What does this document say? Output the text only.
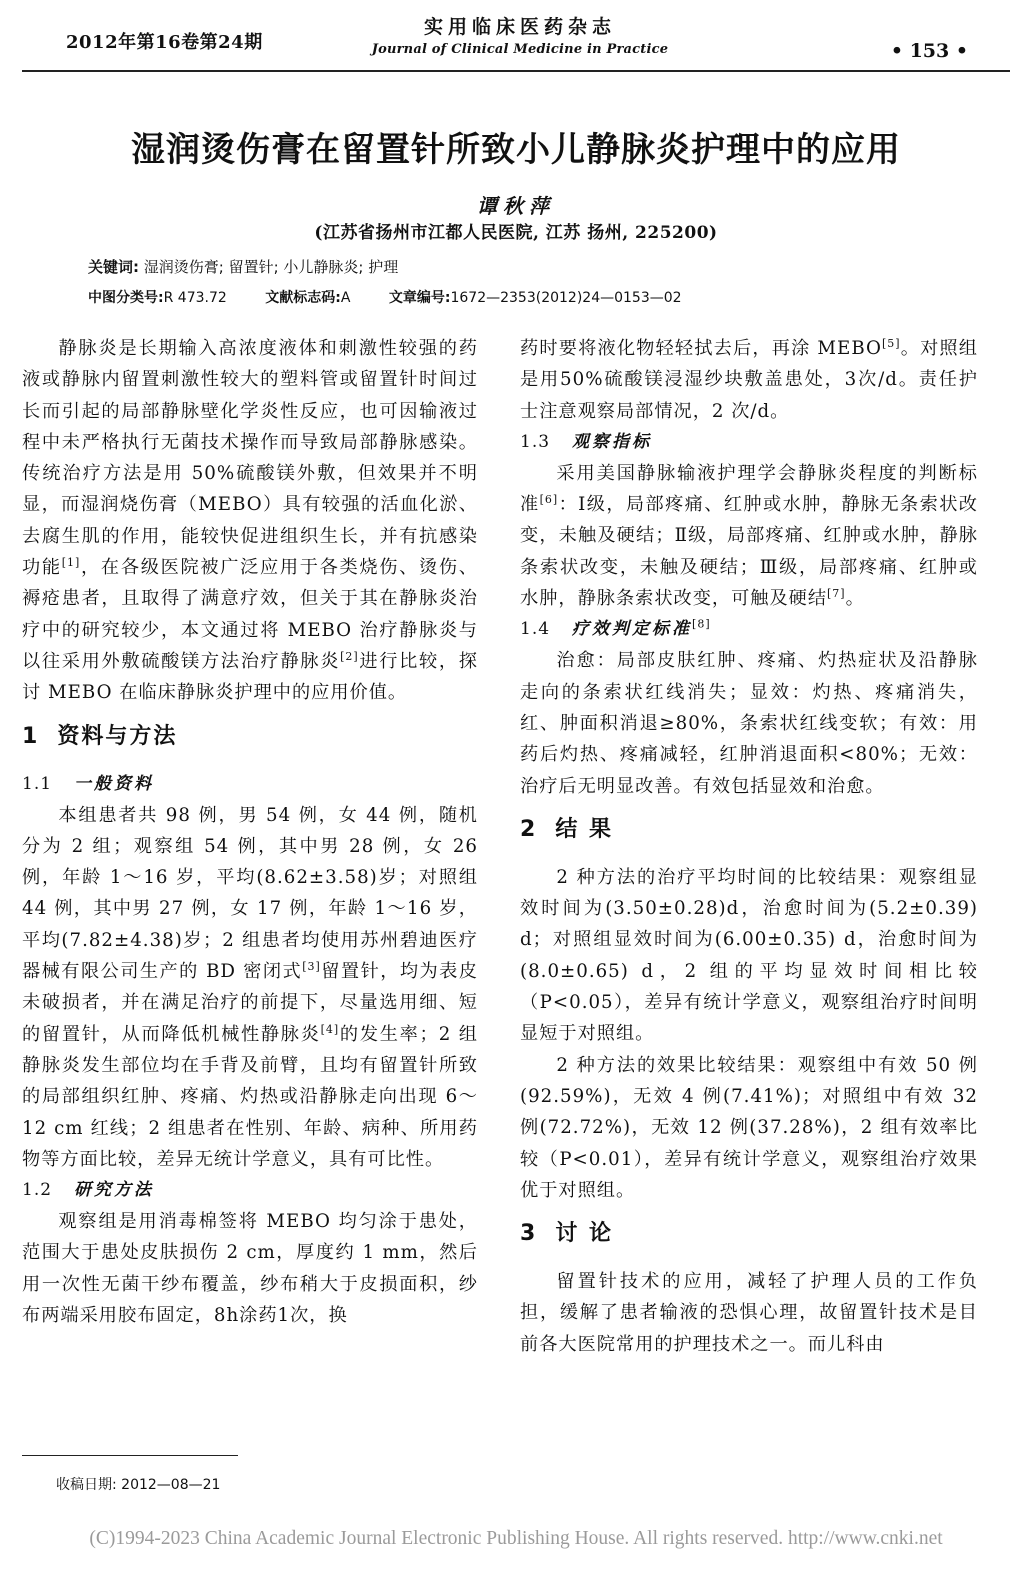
2012年第16卷第24期
实用临床医药杂志
Journal of Clinical Medicine in Practice	• 153 •
湿润烫伤膏在留置针所致小儿静脉炎护理中的应用
谭秋萍
(江苏省扬州市江都人民医院, 江苏 扬州, 225200)
关键词: 湿润烫伤膏; 留置针; 小儿静脉炎; 护理
中图分类号:R 473.72	文献标志码:A	文章编号:1672—2353(2012)24—0153—02

静脉炎是长期输入高浓度液体和刺激性较强的药液或静脉内留置刺激性较大的塑料管或留置针时间过长而引起的局部静脉壁化学炎性反应，也可因输液过程中未严格执行无菌技术操作而导致局部静脉感染。传统治疗方法是用 50%硫酸镁外敷，但效果并不明显，而湿润烧伤膏（MEBO）具有较强的活血化淤、去腐生肌的作用，能较快促进组织生长，并有抗感染功能[1]，在各级医院被广泛应用于各类烧伤、烫伤、褥疮患者，且取得了满意疗效，但关于其在静脉炎治疗中的研究较少，本文通过将 MEBO 治疗静脉炎与以往采用外敷硫酸镁方法治疗静脉炎[2]进行比较，探讨 MEBO 在临床静脉炎护理中的应用价值。

1 资料与方法
1.1 一般资料

本组患者共 98 例，男 54 例，女 44 例，随机分为 2 组；观察组 54 例，其中男 28 例，女 26 例，年龄 1～16 岁，平均(8.62±3.58)岁；对照组 44 例，其中男 27 例，女 17 例，年龄 1～16 岁，平均(7.82±4.38)岁；2 组患者均使用苏州碧迪医疗器械有限公司生产的 BD 密闭式[3]留置针，均为表皮未破损者，并在满足治疗的前提下，尽量选用细、短的留置针，从而降低机械性静脉炎[4]的发生率；2 组静脉炎发生部位均在手背及前臂，且均有留置针所致的局部组织红肿、疼痛、灼热或沿静脉走向出现 6～12 cm 红线；2 组患者在性别、年龄、病种、所用药物等方面比较，差异无统计学意义，具有可比性。

1.2 研究方法

观察组是用消毒棉签将 MEBO 均匀涂于患处，范围大于患处皮肤损伤 2 cm，厚度约 1 mm，然后用一次性无菌干纱布覆盖，纱布稍大于皮损面积，纱布两端采用胶布固定，8h涂药1次，换

药时要将液化物轻轻拭去后，再涂 MEBO[5]。对照组是用50%硫酸镁浸湿纱块敷盖患处，3次/d。责任护士注意观察局部情况，2 次/d。

1.3 观察指标

采用美国静脉输液护理学会静脉炎程度的判断标准[6]：Ⅰ级，局部疼痛、红肿或水肿，静脉无条索状改变，未触及硬结；Ⅱ级，局部疼痛、红肿或水肿，静脉条索状改变，未触及硬结；Ⅲ级，局部疼痛、红肿或水肿，静脉条索状改变，可触及硬结[7]。

1.4 疗效判定标准[8]

治愈：局部皮肤红肿、疼痛、灼热症状及沿静脉走向的条索状红线消失；显效：灼热、疼痛消失，红、肿面积消退≥80%，条索状红线变软；有效：用药后灼热、疼痛减轻，红肿消退面积<80%；无效：治疗后无明显改善。有效包括显效和治愈。

2 结 果

2 种方法的治疗平均时间的比较结果：观察组显效时间为(3.50±0.28)d，治愈时间为(5.2±0.39) d；对照组显效时间为(6.00±0.35) d，治愈时间为(8.0±0.65) d，2 组的平均显效时间相比较（P<0.05），差异有统计学意义，观察组治疗时间明显短于对照组。

2 种方法的效果比较结果：观察组中有效 50 例(92.59%)，无效 4 例(7.41%)；对照组中有效 32 例(72.72%)，无效 12 例(37.28%)，2 组有效率比较（P<0.01），差异有统计学意义，观察组治疗效果优于对照组。

3 讨 论

留置针技术的应用，减轻了护理人员的工作负担，缓解了患者输液的恐惧心理，故留置针技术是目前各大医院常用的护理技术之一。而儿科由

收稿日期: 2012—08—21
(C)1994-2023 China Academic Journal Electronic Publishing House. All rights reserved. http://www.cnki.net
